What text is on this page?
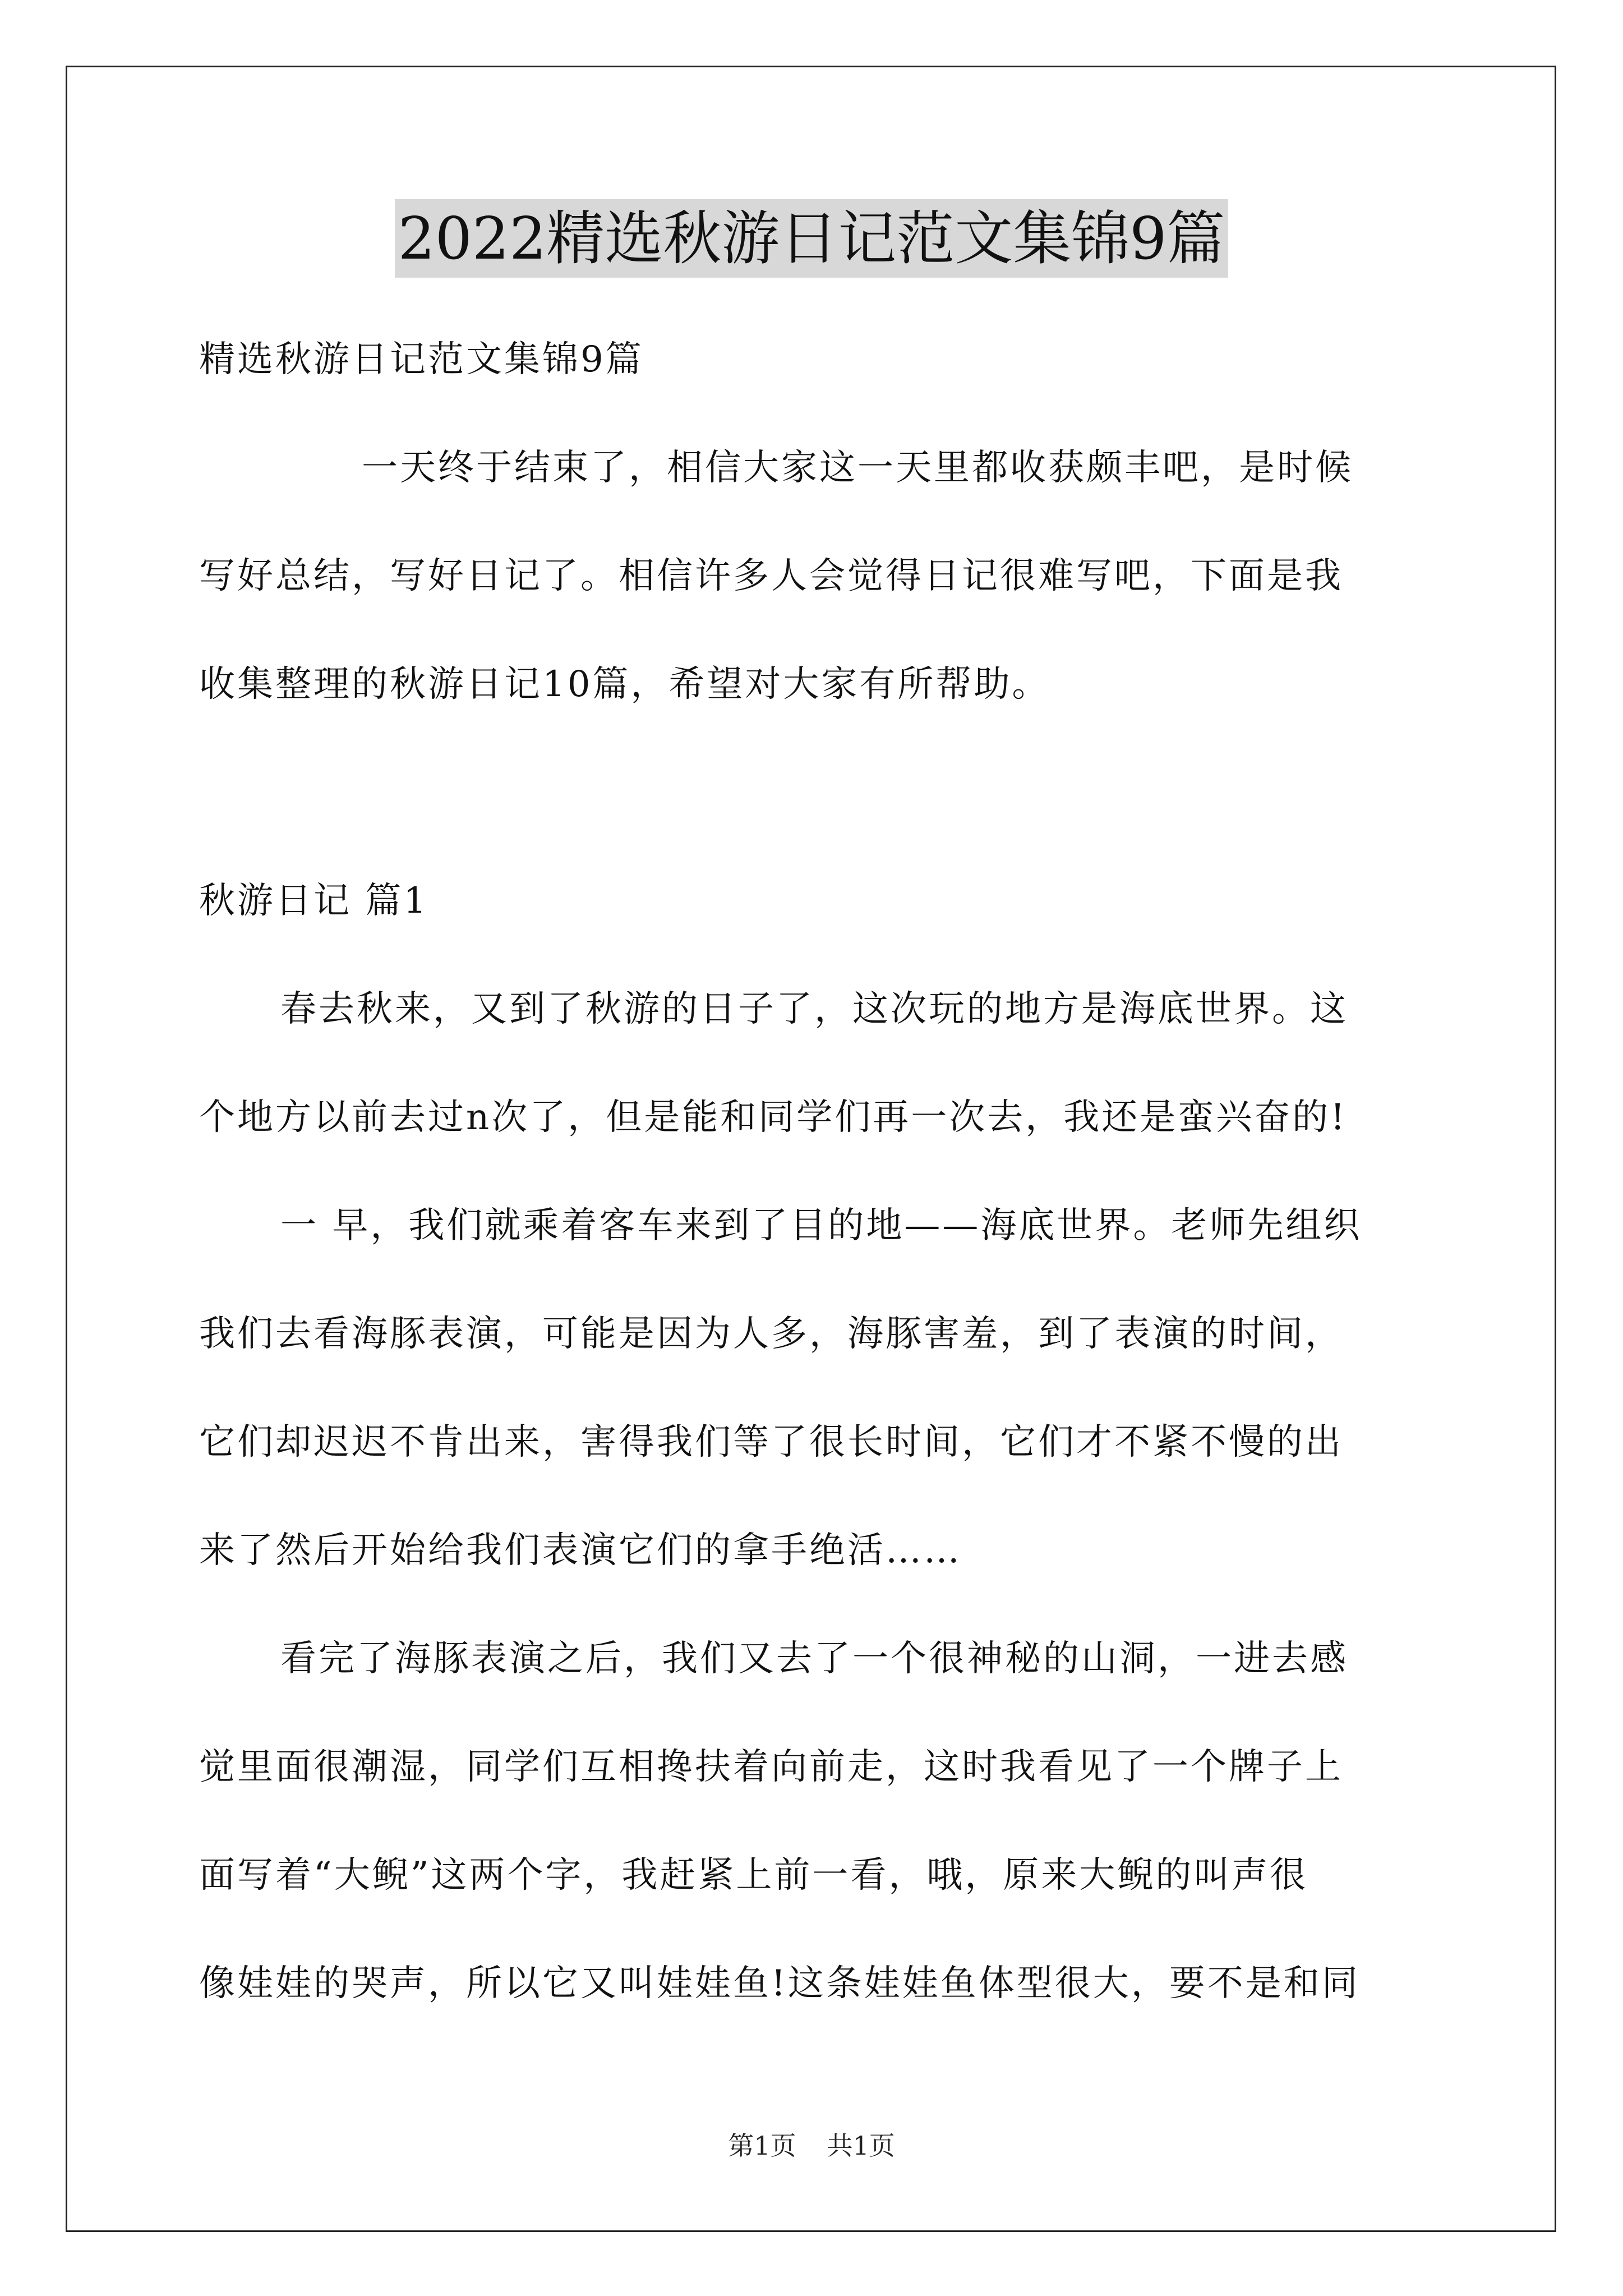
2022精选秋游日记范文集锦9篇
精选秋游日记范文集锦9篇
一天终于结束了，相信大家这一天里都收获颇丰吧，是时候
写好总结，写好日记了。相信许多人会觉得日记很难写吧，下面是我
收集整理的秋游日记10篇，希望对大家有所帮助。
秋游日记 篇1
春去秋来，又到了秋游的日子了，这次玩的地方是海底世界。这
个地方以前去过n次了，但是能和同学们再一次去，我还是蛮兴奋的!
一 早，我们就乘着客车来到了目的地——海底世界。老师先组织
我们去看海豚表演，可能是因为人多，海豚害羞，到了表演的时间，
它们却迟迟不肯出来，害得我们等了很长时间，它们才不紧不慢的出
来了然后开始给我们表演它们的拿手绝活……
看完了海豚表演之后，我们又去了一个很神秘的山洞，一进去感
觉里面很潮湿，同学们互相搀扶着向前走，这时我看见了一个牌子上
面写着“大鲵”这两个字，我赶紧上前一看，哦，原来大鲵的叫声很
像娃娃的哭声，所以它又叫娃娃鱼!这条娃娃鱼体型很大，要不是和同
第1页 共1页
